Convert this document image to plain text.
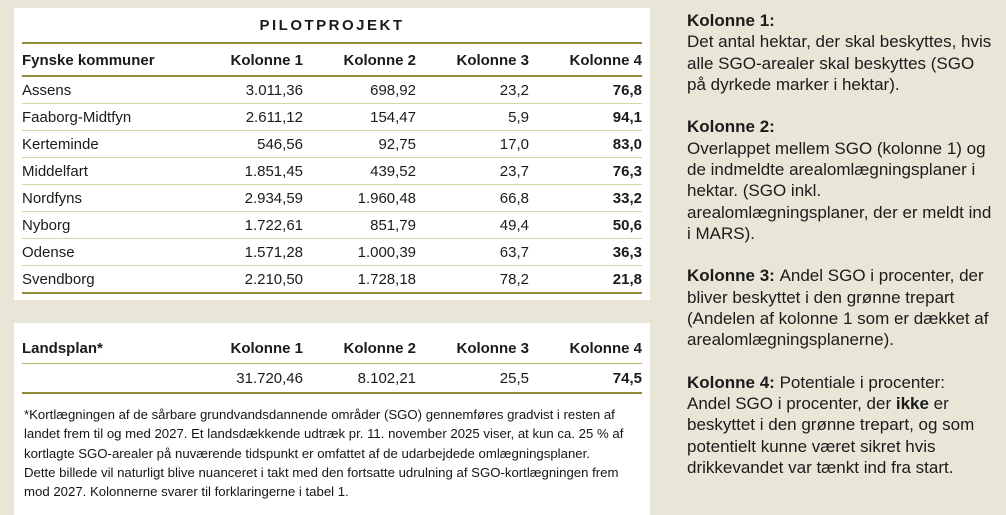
PILOTPROJEKT
Fynske kommuner	Kolonne 1	Kolonne 2	Kolonne 3	Kolonne 4
Assens	3.011,36	698,92	23,2	76,8
Faaborg-Midtfyn	2.611,12	154,47	5,9	94,1
Kerteminde	546,56	92,75	17,0	83,0
Middelfart	1.851,45	439,52	23,7	76,3
Nordfyns	2.934,59	1.960,48	66,8	33,2
Nyborg	1.722,61	851,79	49,4	50,6
Odense	1.571,28	1.000,39	63,7	36,3
Svendborg	2.210,50	1.728,18	78,2	21,8
Landsplan*	Kolonne 1	Kolonne 2	Kolonne 3	Kolonne 4
	31.720,46	8.102,21	25,5	74,5

*Kortlægningen af de sårbare grundvandsdannende områder (SGO) gennemføres gradvist i resten af landet frem til og med 2027. Et landsdækkende udtræk pr. 11. november 2025 viser, at kun ca. 25 % af kortlagte SGO-arealer på nuværende tidspunkt er omfattet af de udarbejdede omlægningsplaner.

Dette billede vil naturligt blive nuanceret i takt med den fortsatte udrulning af SGO-kortlægningen frem mod 2027. Kolonnerne svarer til forklaringerne i tabel 1.

Kolonne 1:
Det antal hektar, der skal beskyttes, hvis alle SGO-arealer skal beskyttes (SGO på dyrkede marker i hektar).
Kolonne 2:
Overlappet mellem SGO (kolonne 1) og de indmeldte arealomlægningsplaner i hektar. (SGO inkl. arealomlægningsplaner, der er meldt ind i MARS).
Kolonne 3: Andel SGO i procenter, der bliver beskyttet i den grønne trepart (Andelen af kolonne 1 som er dækket af arealomlægningsplanerne).
Kolonne 4: Potentiale i procenter: Andel SGO i procenter, der ikke er beskyttet i den grønne trepart, og som potentielt kunne været sikret hvis drikkevandet var tænkt ind fra start.
